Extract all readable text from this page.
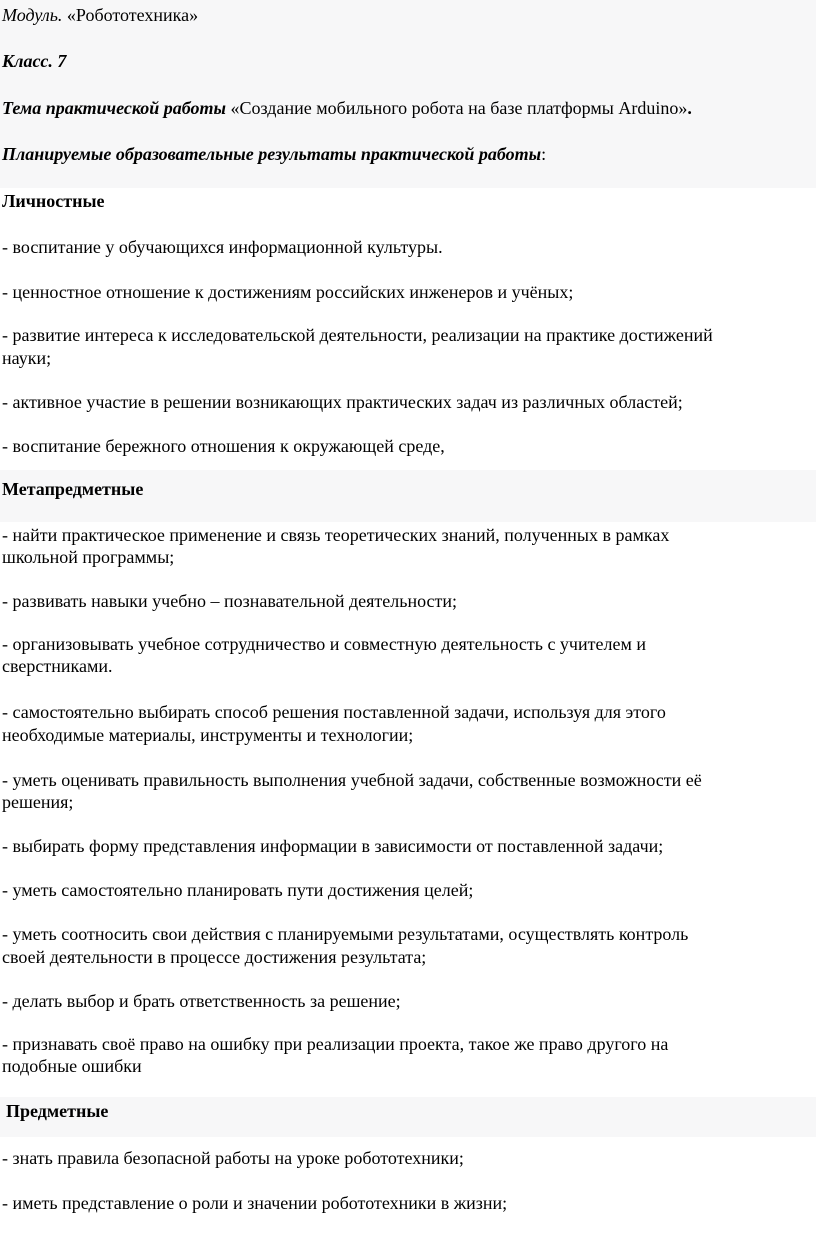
Модуль. «Робототехника»
Класс. 7
Тема практической работы «Создание мобильного робота на базе платформы Arduino».
Планируемые образовательные результаты практической работы:
Личностные
- воспитание у обучающихся информационной культуры.
- ценностное отношение к достижениям российских инженеров и учёных;
- развитие интереса к исследовательской деятельности, реализации на практике достижений
науки;
- активное участие в решении возникающих практических задач из различных областей;
- воспитание бережного отношения к окружающей среде,
Метапредметные
- найти практическое применение и связь теоретических знаний, полученных в рамках
школьной программы;
- развивать навыки учебно – познавательной деятельности;
- организовывать учебное сотрудничество и совместную деятельность с учителем и
сверстниками.
- самостоятельно выбирать способ решения поставленной задачи, используя для этого
необходимые материалы, инструменты и технологии;
- уметь оценивать правильность выполнения учебной задачи, собственные возможности её
решения;
- выбирать форму представления информации в зависимости от поставленной задачи;
- уметь самостоятельно планировать пути достижения целей;
- уметь соотносить свои действия с планируемыми результатами, осуществлять контроль
своей деятельности в процессе достижения результата;
- делать выбор и брать ответственность за решение;
- признавать своё право на ошибку при реализации проекта, такое же право другого на
подобные ошибки
Предметные
- знать правила безопасной работы на уроке робототехники;
- иметь представление о роли и значении робототехники в жизни;
